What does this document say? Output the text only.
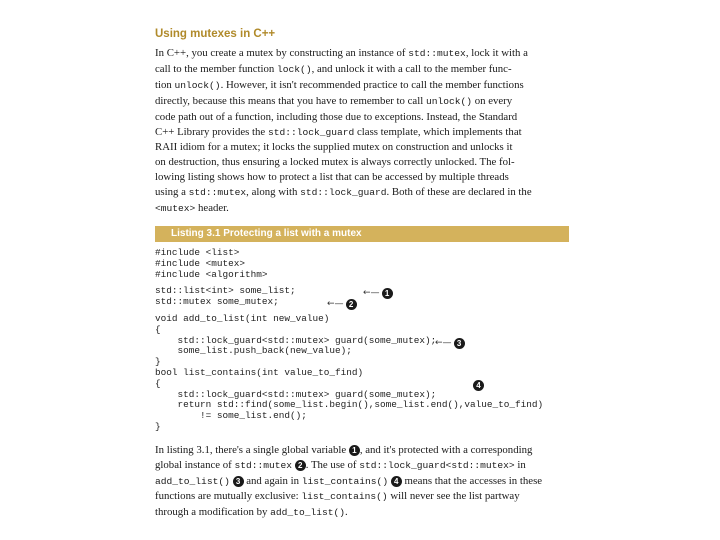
Using mutexes in C++
In C++, you create a mutex by constructing an instance of std::mutex, lock it with a
call to the member function lock(), and unlock it with a call to the member func-
tion unlock(). However, it isn't recommended practice to call the member functions
directly, because this means that you have to remember to call unlock() on every
code path out of a function, including those due to exceptions. Instead, the Standard
C++ Library provides the std::lock_guard class template, which implements that
RAII idiom for a mutex; it locks the supplied mutex on construction and unlocks it
on destruction, thus ensuring a locked mutex is always correctly unlocked. The fol-
lowing listing shows how to protect a list that can be accessed by multiple threads
using a std::mutex, along with std::lock_guard. Both of these are declared in the
<mutex> header.
Listing 3.1 Protecting a list with a mutex
#include <list>
#include <mutex>
#include <algorithm>
std::list<int> some_list;
std::mutex some_mutex;
void add_to_list(int new_value)
{
std::lock_guard<std::mutex> guard(some_mutex);
some_list.push_back(new_value);
}
bool list_contains(int value_to_find)
{
std::lock_guard<std::mutex> guard(some_mutex);
return std::find(some_list.begin(),some_list.end(),value_to_find)
!= some_list.end();
}
←— 1
←— 2
←— 3
4
In listing 3.1, there's a single global variable 1 , and it's protected with a corresponding
global instance of std::mutex 2 . The use of std::lock_guard<std::mutex> in
add_to_list() 3 and again in list_contains() 4 means that the accesses in these
functions are mutually exclusive: list_contains() will never see the list partway
through a modification by add_to_list().
